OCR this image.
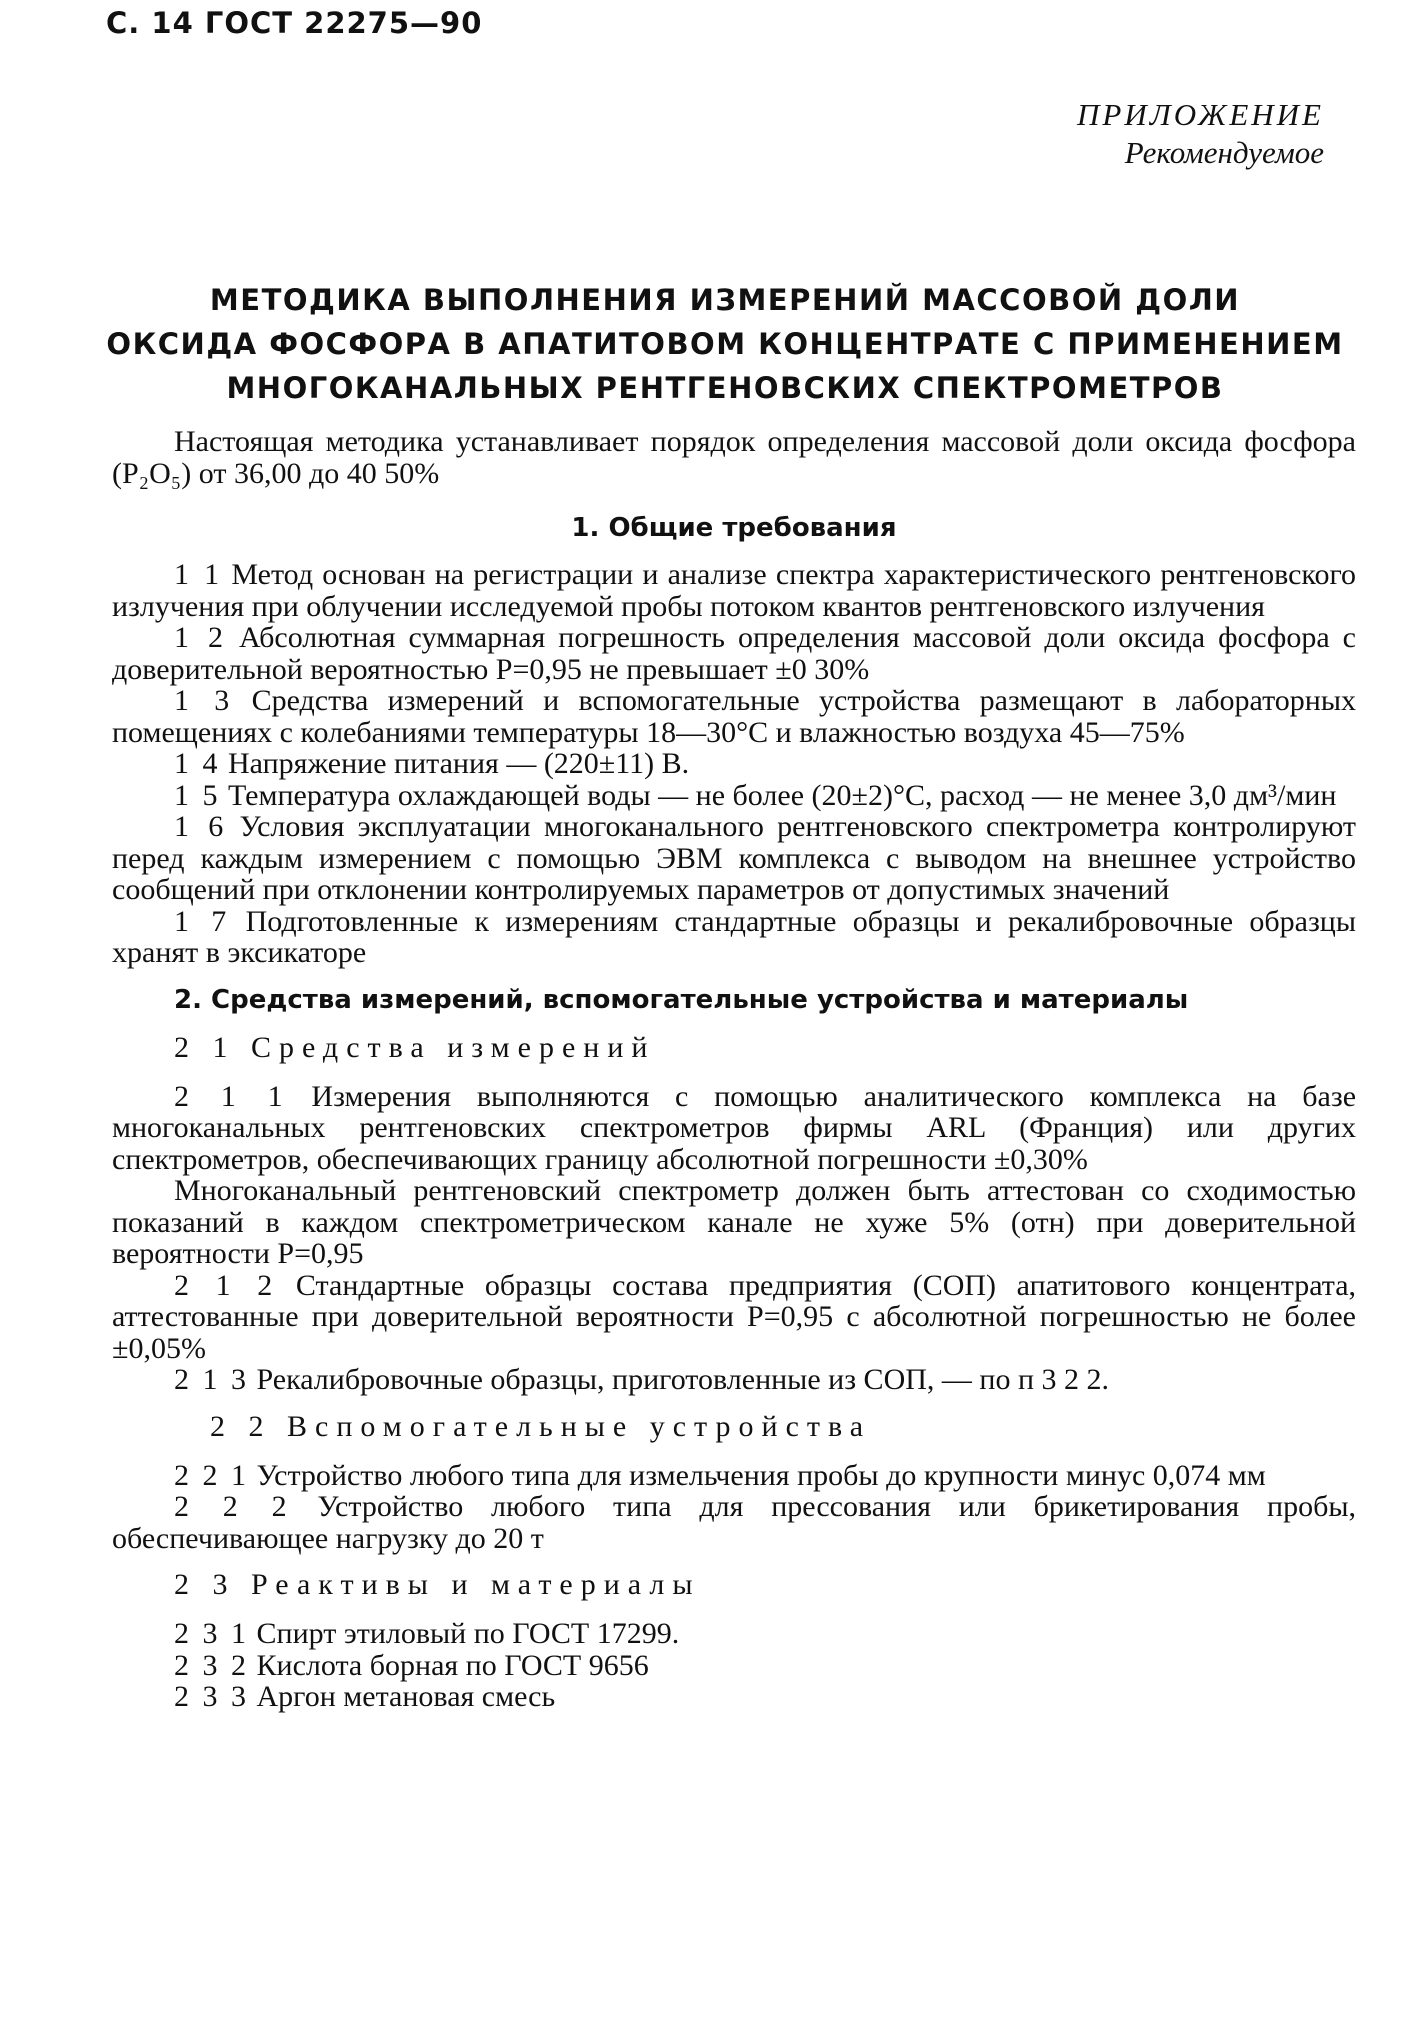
С. 14 ГОСТ 22275—90
ПРИЛОЖЕНИЕ
Рекомендуемое
МЕТОДИКА ВЫПОЛНЕНИЯ ИЗМЕРЕНИЙ МАССОВОЙ ДОЛИ
ОКСИДА ФОСФОРА В АПАТИТОВОМ КОНЦЕНТРАТЕ С ПРИМЕНЕНИЕМ
МНОГОКАНАЛЬНЫХ РЕНТГЕНОВСКИХ СПЕКТРОМЕТРОВ

Настоящая методика устанавливает порядок определения массовой доли оксида фосфора (P₂O₅) от 36,00 до 40 50%

1. Общие требования

1 1 Метод основан на регистрации и анализе спектра характеристического рентгеновского излучения при облучении исследуемой пробы потоком квантов рентгеновского излучения

1 2 Абсолютная суммарная погрешность определения массовой доли оксида фосфора с доверительной вероятностью P=0,95 не превышает ±0 30%

1 3 Средства измерений и вспомогательные устройства размещают в лабораторных помещениях с колебаниями температуры 18—30°С и влажностью воздуха 45—75%

1 4 Напряжение питания — (220±11) В.

1 5 Температура охлаждающей воды — не более (20±2)°С, расход — не менее 3,0 дм³/мин

1 6 Условия эксплуатации многоканального рентгеновского спектрометра контролируют перед каждым измерением с помощью ЭВМ комплекса с выводом на внешнее устройство сообщений при отклонении контролируемых параметров от допустимых значений

1 7 Подготовленные к измерениям стандартные образцы и рекалибровочные образцы хранят в эксикаторе

2. Средства измерений, вспомогательные устройства и материалы
2 1 Средства измерений

2 1 1 Измерения выполняются с помощью аналитического комплекса на базе многоканальных рентгеновских спектрометров фирмы ARL (Франция) или других спектрометров, обеспечивающих границу абсолютной погрешности ±0,30%

Многоканальный рентгеновский спектрометр должен быть аттестован со сходимостью показаний в каждом спектрометрическом канале не хуже 5% (отн) при доверительной вероятности P=0,95

2 1 2 Стандартные образцы состава предприятия (СОП) апатитового концентрата, аттестованные при доверительной вероятности P=0,95 с абсолютной погрешностью не более ±0,05%

2 1 3 Рекалибровочные образцы, приготовленные из СОП, — по п 3 2 2.

2 2 Вспомогательные устройства

2 2 1 Устройство любого типа для измельчения пробы до крупности минус 0,074 мм

2 2 2 Устройство любого типа для прессования или брикетирования пробы, обеспечивающее нагрузку до 20 т

2 3 Реактивы и материалы

2 3 1 Спирт этиловый по ГОСТ 17299.

2 3 2 Кислота борная по ГОСТ 9656

2 3 3 Аргон метановая смесь
